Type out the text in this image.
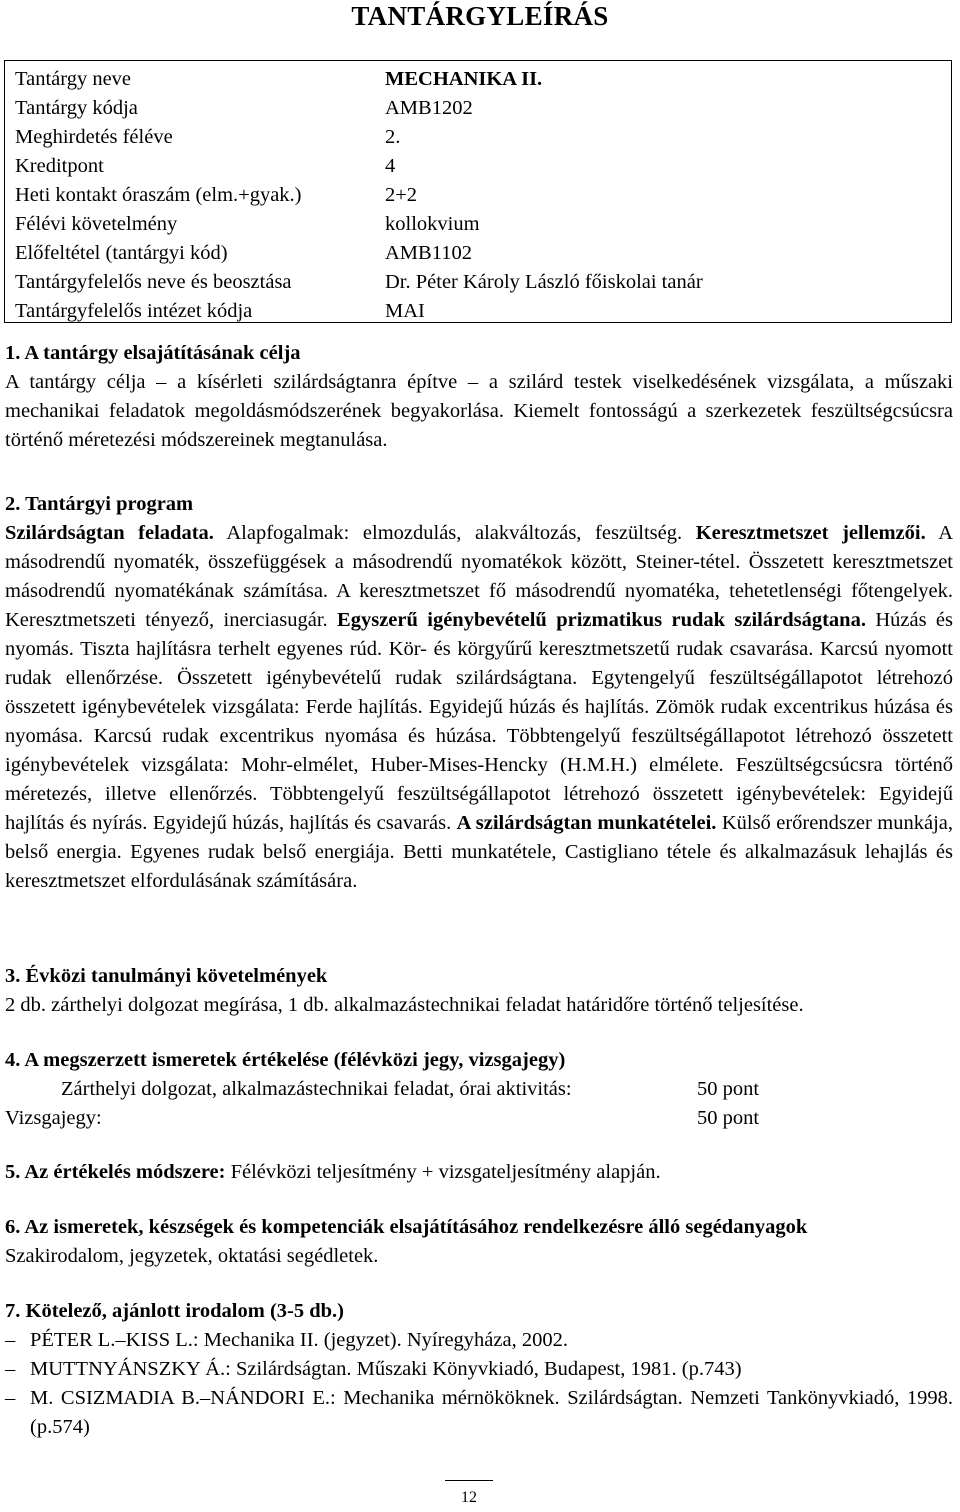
TANTÁRGYLEÍRÁS
Tantárgy neve	MECHANIKA II.
Tantárgy kódja	AMB1202
Meghirdetés féléve	2.
Kreditpont	4
Heti kontakt óraszám (elm.+gyak.)	2+2
Félévi követelmény	kollokvium
Előfeltétel (tantárgyi kód)	AMB1102
Tantárgyfelelős neve és beosztása	Dr. Péter Károly László főiskolai tanár
Tantárgyfelelős intézet kódja	MAI
1. A tantárgy elsajátításának célja
A tantárgy célja ‒ a kísérleti szilárdságtanra építve ‒ a szilárd testek viselkedésének vizsgálata, a műszaki mechanikai feladatok megoldásmódszerének begyakorlása. Kiemelt fontosságú a szerkezetek feszültségcsúcsra történő méretezési módszereinek megtanulása.
2. Tantárgyi program
Szilárdságtan feladata. Alapfogalmak: elmozdulás, alakváltozás, feszültség. Keresztmetszet jellemzői. A másodrendű nyomaték, összefüggések a másodrendű nyomatékok között, Steiner-tétel. Összetett keresztmetszet másodrendű nyomatékának számítása. A keresztmetszet fő másodrendű nyomatéka, tehetetlenségi főtengelyek. Keresztmetszeti tényező, inerciasugár. Egyszerű igénybevételű prizmatikus rudak szilárdságtana. Húzás és nyomás. Tiszta hajlításra terhelt egyenes rúd. Kör- és körgyűrű keresztmetszetű rudak csavarása. Karcsú nyomott rudak ellenőrzése. Összetett igénybevételű rudak szilárdságtana. Egytengelyű feszültségállapotot létrehozó összetett igénybevételek vizsgálata: Ferde hajlítás. Egyidejű húzás és hajlítás. Zömök rudak excentrikus húzása és nyomása. Karcsú rudak excentrikus nyomása és húzása. Többtengelyű feszültségállapotot létrehozó összetett igénybevételek vizsgálata: Mohr-elmélet, Huber-Mises-Hencky (H.M.H.) elmélete. Feszültségcsúcsra történő méretezés, illetve ellenőrzés. Többtengelyű feszültségállapotot létrehozó összetett igénybevételek: Egyidejű hajlítás és nyírás. Egyidejű húzás, hajlítás és csavarás. A szilárdságtan munkatételei. Külső erőrendszer munkája, belső energia. Egyenes rudak belső energiája. Betti munkatétele, Castigliano tétele és alkalmazásuk lehajlás és keresztmetszet elfordulásának számítására.
3. Évközi tanulmányi követelmények
2 db. zárthelyi dolgozat megírása, 1 db. alkalmazástechnikai feladat határidőre történő teljesítése.
4. A megszerzett ismeretek értékelése (félévközi jegy, vizsgajegy)
Zárthelyi dolgozat, alkalmazástechnikai feladat, órai aktivitás:	50 pont
Vizsgajegy:	50 pont
5. Az értékelés módszere: Félévközi teljesítmény + vizsgateljesítmény alapján.
6. Az ismeretek, készségek és kompetenciák elsajátításához rendelkezésre álló segédanyagok
Szakirodalom, jegyzetek, oktatási segédletek.
7. Kötelező, ajánlott irodalom (3-5 db.)
‒ PÉTER L.‒KISS L.: Mechanika II. (jegyzet). Nyíregyháza, 2002.
‒ MUTTNYÁNSZKY Á.: Szilárdságtan. Műszaki Könyvkiadó, Budapest, 1981. (p.743)
‒ M. CSIZMADIA B.‒NÁNDORI E.: Mechanika mérnököknek. Szilárdságtan. Nemzeti Tankönyvkiadó, 1998. (p.574)
12
